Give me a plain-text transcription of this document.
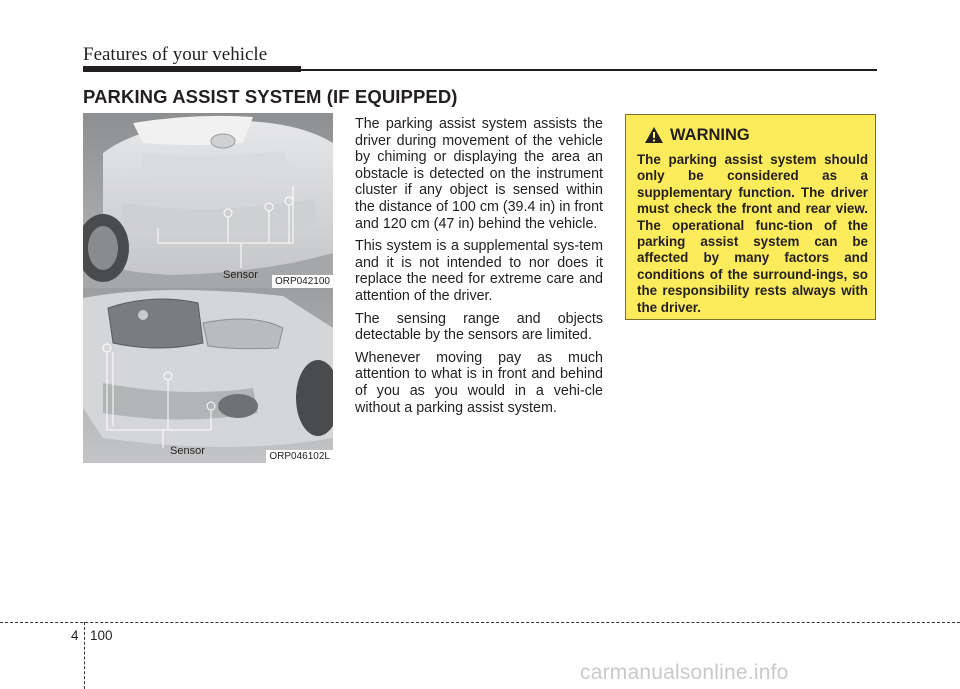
Features of your vehicle
PARKING ASSIST SYSTEM (IF EQUIPPED)
Sensor
ORP042100
Sensor	ORP046102L

The parking assist system assists the driver during movement of the vehicle by chiming or displaying the area an obstacle is detected on the instrument cluster if any object is sensed within the distance of 100 cm (39.4 in) in front and 120 cm (47 in) behind the vehicle.

This system is a supplemental sys-tem and it is not intended to nor does it replace the need for extreme care and attention of the driver.

The sensing range and objects detectable by the sensors are limited.

Whenever moving pay as much attention to what is in front and behind of you as you would in a vehi-cle without a parking assist system.

WARNING
The parking assist system should only be considered as a supplementary function. The driver must check the front and rear view. The operational func-tion of the parking assist system can be affected by many factors and conditions of the surround-ings, so the responsibility rests always with the driver.
4 100
carmanualsonline.info
